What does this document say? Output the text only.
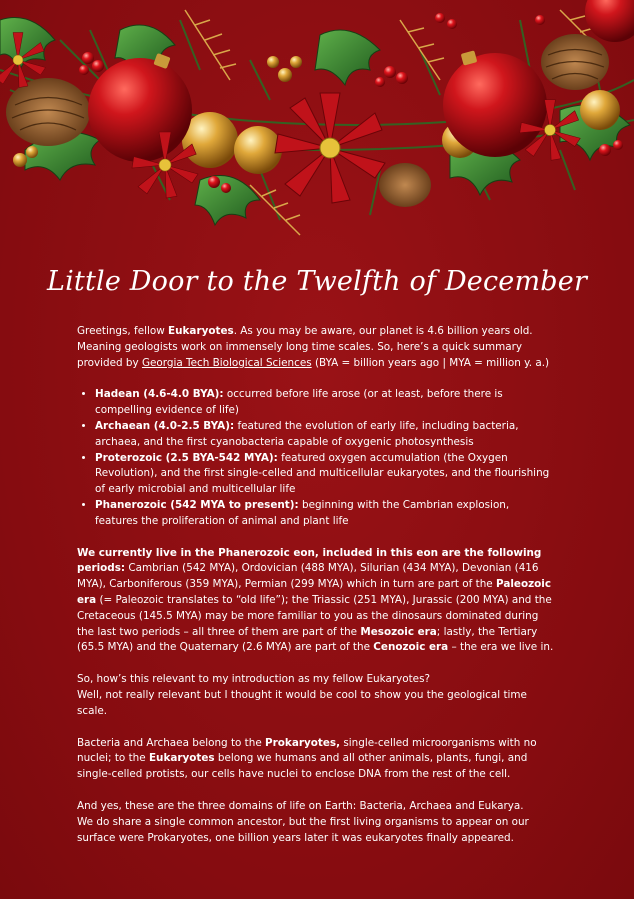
Little Door to the Twelfth of December

Greetings, fellow Eukaryotes. As you may be aware, our planet is 4.6 billion years old. Meaning geologists work on immensely long time scales. So, here’s a quick summary provided by Georgia Tech Biological Sciences (BYA = billion years ago | MYA = million y. a.)

• Hadean (4.6-4.0 BYA): occurred before life arose (or at least, before there is compelling evidence of life)
• Archaean (4.0-2.5 BYA): featured the evolution of early life, including bacteria, archaea, and the first cyanobacteria capable of oxygenic photosynthesis
• Proterozoic (2.5 BYA-542 MYA): featured oxygen accumulation (the Oxygen Revolution), and the first single-celled and multicellular eukaryotes, and the flourishing of early microbial and multicellular life
• Phanerozoic (542 MYA to present): beginning with the Cambrian explosion, features the proliferation of animal and plant life

We currently live in the Phanerozoic eon, included in this eon are the following periods: Cambrian (542 MYA), Ordovician (488 MYA), Silurian (434 MYA), Devonian (416 MYA), Carboniferous (359 MYA), Permian (299 MYA) which in turn are part of the Paleozoic era (= Paleozoic translates to “old life”); the Triassic (251 MYA), Jurassic (200 MYA) and the Cretaceous (145.5 MYA) may be more familiar to you as the dinosaurs dominated during the last two periods – all three of them are part of the Mesozoic era; lastly, the Tertiary (65.5 MYA) and the Quaternary (2.6 MYA) are part of the Cenozoic era – the era we live in.

So, how’s this relevant to my introduction as my fellow Eukaryotes?
Well, not really relevant but I thought it would be cool to show you the geological time scale.

Bacteria and Archaea belong to the Prokaryotes, single-celled microorganisms with no nuclei; to the Eukaryotes belong we humans and all other animals, plants, fungi, and single-celled protists, our cells have nuclei to enclose DNA from the rest of the cell.

And yes, these are the three domains of life on Earth: Bacteria, Archaea and Eukarya.
We do share a single common ancestor, but the first living organisms to appear on our surface were Prokaryotes, one billion years later it was eukaryotes finally appeared.
